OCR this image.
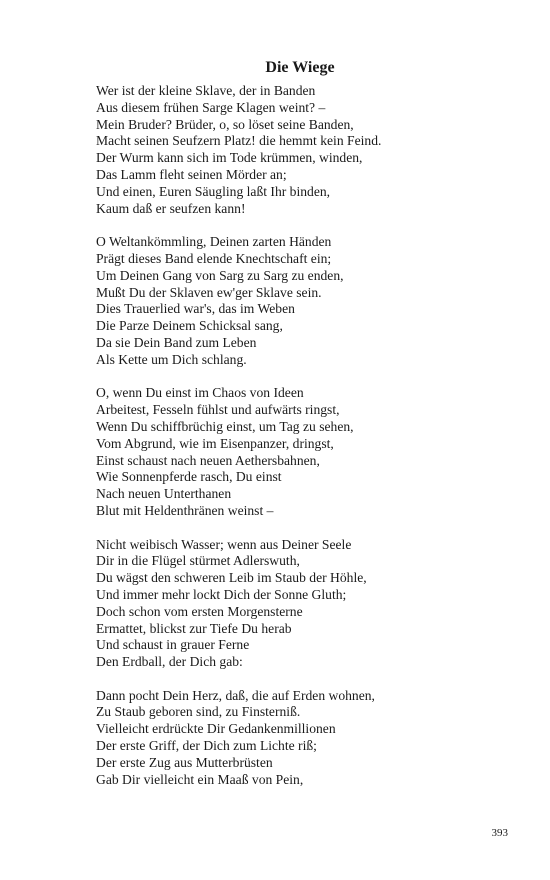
Die Wiege
Wer ist der kleine Sklave, der in Banden
Aus diesem frühen Sarge Klagen weint? –
Mein Bruder? Brüder, o, so löset seine Banden,
Macht seinen Seufzern Platz! die hemmt kein Feind.
Der Wurm kann sich im Tode krümmen, winden,
Das Lamm fleht seinen Mörder an;
Und einen, Euren Säugling laßt Ihr binden,
Kaum daß er seufzen kann!
O Weltankömmling, Deinen zarten Händen
Prägt dieses Band elende Knechtschaft ein;
Um Deinen Gang von Sarg zu Sarg zu enden,
Mußt Du der Sklaven ew'ger Sklave sein.
Dies Trauerlied war's, das im Weben
Die Parze Deinem Schicksal sang,
Da sie Dein Band zum Leben
Als Kette um Dich schlang.
O, wenn Du einst im Chaos von Ideen
Arbeitest, Fesseln fühlst und aufwärts ringst,
Wenn Du schiffbrüchig einst, um Tag zu sehen,
Vom Abgrund, wie im Eisenpanzer, dringst,
Einst schaust nach neuen Aethersbahnen,
Wie Sonnenpferde rasch, Du einst
Nach neuen Unterthanen
Blut mit Heldenthränen weinst –
Nicht weibisch Wasser; wenn aus Deiner Seele
Dir in die Flügel stürmet Adlerswuth,
Du wägst den schweren Leib im Staub der Höhle,
Und immer mehr lockt Dich der Sonne Gluth;
Doch schon vom ersten Morgensterne
Ermattet, blickst zur Tiefe Du herab
Und schaust in grauer Ferne
Den Erdball, der Dich gab:
Dann pocht Dein Herz, daß, die auf Erden wohnen,
Zu Staub geboren sind, zu Finsterniß.
Vielleicht erdrückte Dir Gedankenmillionen
Der erste Griff, der Dich zum Lichte riß;
Der erste Zug aus Mutterbrüsten
Gab Dir vielleicht ein Maaß von Pein,
393
